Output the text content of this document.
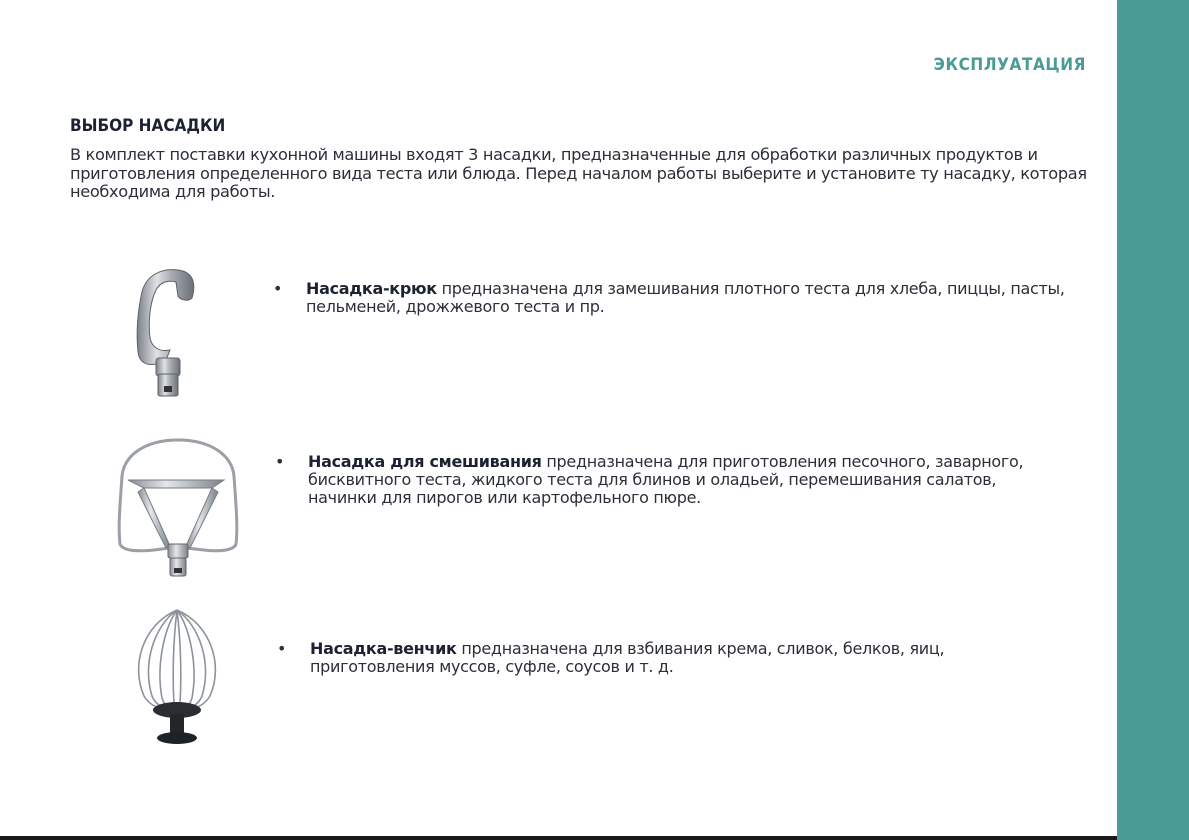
ЭКСПЛУАТАЦИЯ
ВЫБОР НАСАДКИ
В комплект поставки кухонной машины входят 3 насадки, предназначенные для обработки различных продуктов и приготовления определенного вида теста или блюда. Перед началом работы выберите и установите ту насадку, которая необходима для работы.
• Насадка-крюк предназначена для замешивания плотного теста для хлеба, пиццы, пасты, пельменей, дрожжевого теста и пр.
• Насадка для смешивания предназначена для приготовления песочного, заварного, бисквитного теста, жидкого теста для блинов и оладьей, перемешивания салатов, начинки для пирогов или картофельного пюре.
• Насадка-венчик предназначена для взбивания крема, сливок, белков, яиц, приготовления муссов, суфле, соусов и т. д.
